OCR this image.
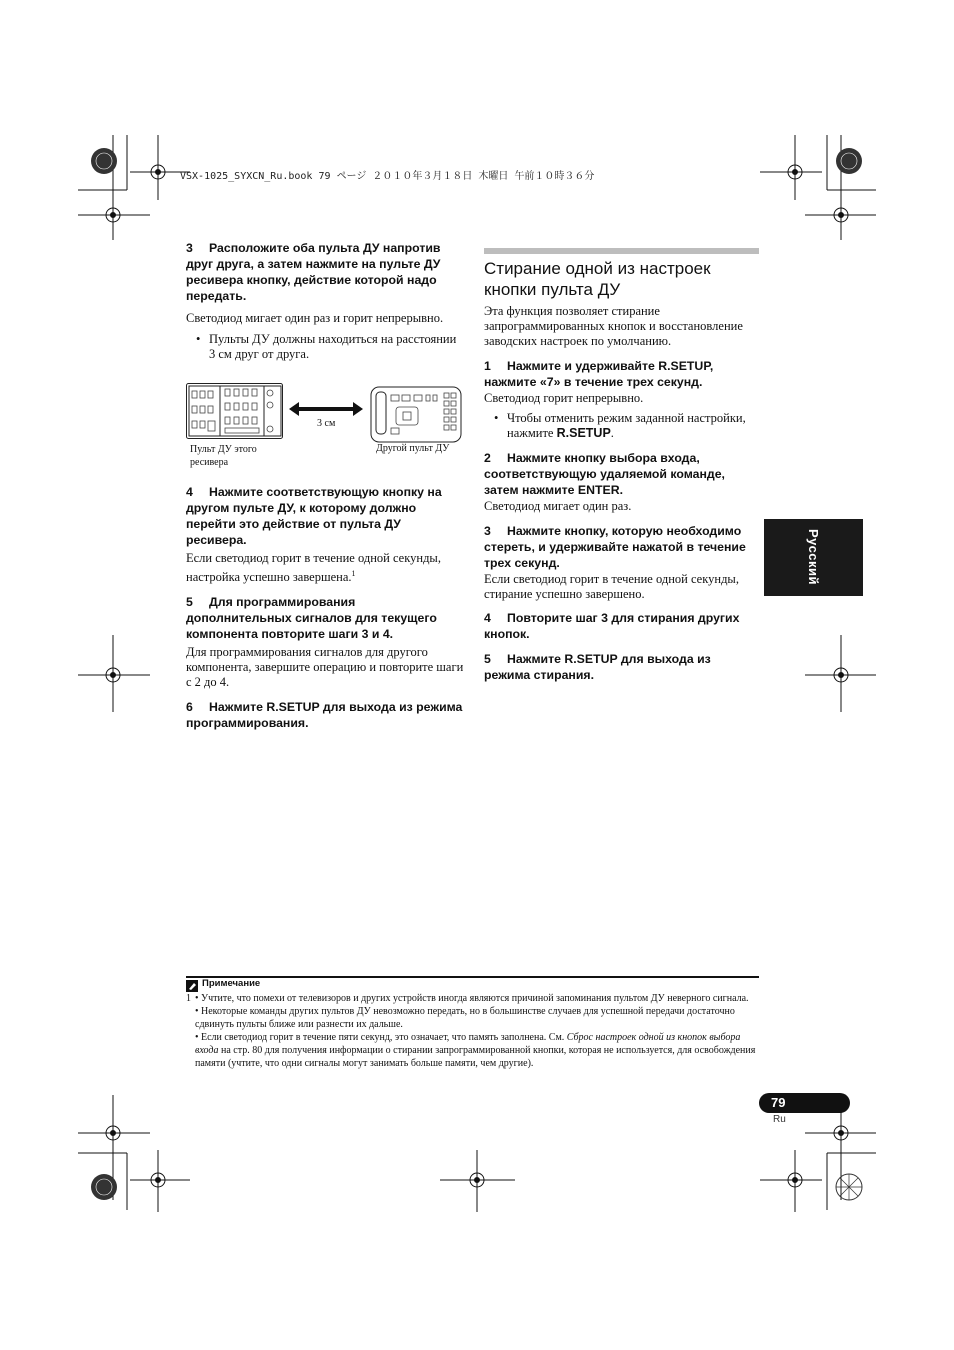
VSX-1025_SYXCN_Ru.book 79 ページ ２０１０年３月１８日 木曜日 午前１０時３６分

3 Расположите оба пульта ДУ напротив друг друга, а затем нажмите на пульте ДУ ресивера кнопку, действие которой надо передать.

Светодиод мигает один раз и горит непрерывно.

• Пульты ДУ должны находиться на расстоянии 3 см друг от друга.

3 см
Пульт ДУ этого ресивера
Другой пульт ДУ

4 Нажмите соответствующую кнопку на другом пульте ДУ, к которому должно перейти это действие от пульта ДУ ресивера.

Если светодиод горит в течение одной секунды, настройка успешно завершена.$^1$

5 Для программирования дополнительных сигналов для текущего компонента повторите шаги 3 и 4.

Для программирования сигналов для другого компонента, завершите операцию и повторите шаги с 2 до 4.

6 Нажмите R.SETUP для выхода из режима программирования.

Стирание одной из настроек кнопки пульта ДУ

Эта функция позволяет стирание запрограммированных кнопок и восстановление заводских настроек по умолчанию.

1 Нажмите и удерживайте R.SETUP, нажмите «7» в течение трех секунд.

Светодиод горит непрерывно.

• Чтобы отменить режим заданной настройки, нажмите R.SETUP.

2 Нажмите кнопку выбора входа, соответствующую удаляемой команде, затем нажмите ENTER.

Светодиод мигает один раз.

3 Нажмите кнопку, которую необходимо стереть, и удерживайте нажатой в течение трех секунд.

Если светодиод горит в течение одной секунды, стирание успешно завершено.

4 Повторите шаг 3 для стирания других кнопок.

5 Нажмите R.SETUP для выхода из режима стирания.

Русский
Примечание
1 • Учтите, что помехи от телевизоров и других устройств иногда являются причиной запоминания пультом ДУ неверного сигнала.
• Некоторые команды других пультов ДУ невозможно передать, но в большинстве случаев для успешной передачи достаточно сдвинуть пульты ближе или разнести их дальше.
• Если светодиод горит в течение пяти секунд, это означает, что память заполнена. См. Сброс настроек одной из кнопок выбора входа на стр. 80 для получения информации о стирании запрограммированной кнопки, которая не используется, для освобождения памяти (учтите, что одни сигналы могут занимать больше памяти, чем другие).
79
Ru
